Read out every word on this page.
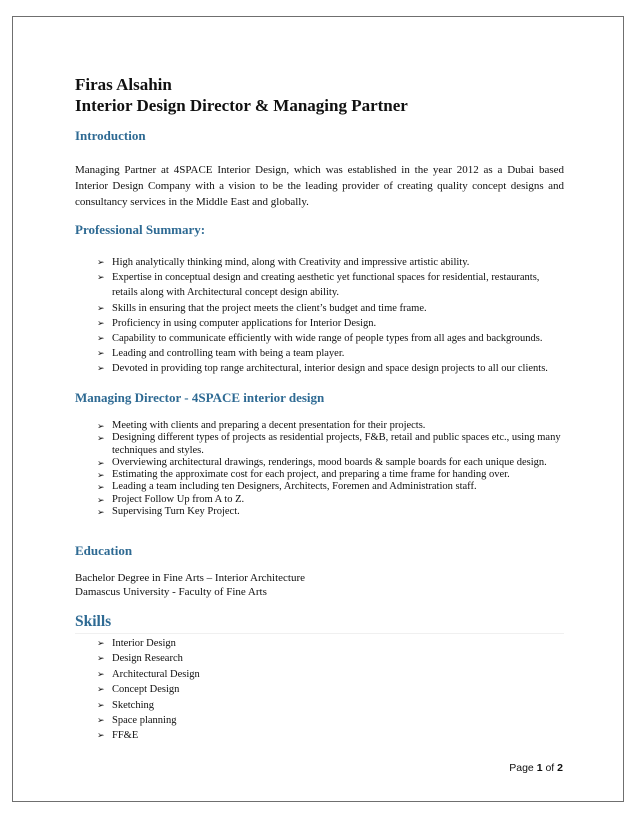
Firas Alsahin
Interior Design Director & Managing Partner
Introduction
Managing Partner at 4SPACE Interior Design, which was established in the year 2012 as a Dubai based Interior Design Company with a vision to be the leading provider of creating quality concept designs and consultancy services in the Middle East and globally.
Professional Summary:
➢ High analytically thinking mind, along with Creativity and impressive artistic ability.
➢ Expertise in conceptual design and creating aesthetic yet functional spaces for residential, restaurants, retails along with Architectural concept design ability.
➢ Skills in ensuring that the project meets the client’s budget and time frame.
➢ Proficiency in using computer applications for Interior Design.
➢ Capability to communicate efficiently with wide range of people types from all ages and backgrounds.
➢ Leading and controlling team with being a team player.
➢ Devoted in providing top range architectural, interior design and space design projects to all our clients.
Managing Director - 4SPACE interior design
➢ Meeting with clients and preparing a decent presentation for their projects.
➢ Designing different types of projects as residential projects, F&B, retail and public spaces etc., using many techniques and styles.
➢ Overviewing architectural drawings, renderings, mood boards & sample boards for each unique design.
➢ Estimating the approximate cost for each project, and preparing a time frame for handing over.
➢ Leading a team including ten Designers, Architects, Foremen and Administration staff.
➢ Project Follow Up from A to Z.
➢ Supervising Turn Key Project.
Education
Bachelor Degree in Fine Arts – Interior Architecture
Damascus University - Faculty of Fine Arts
Skills
➢ Interior Design
➢ Design Research
➢ Architectural Design
➢ Concept Design
➢ Sketching
➢ Space planning
➢ FF&E
Page 1 of 2
